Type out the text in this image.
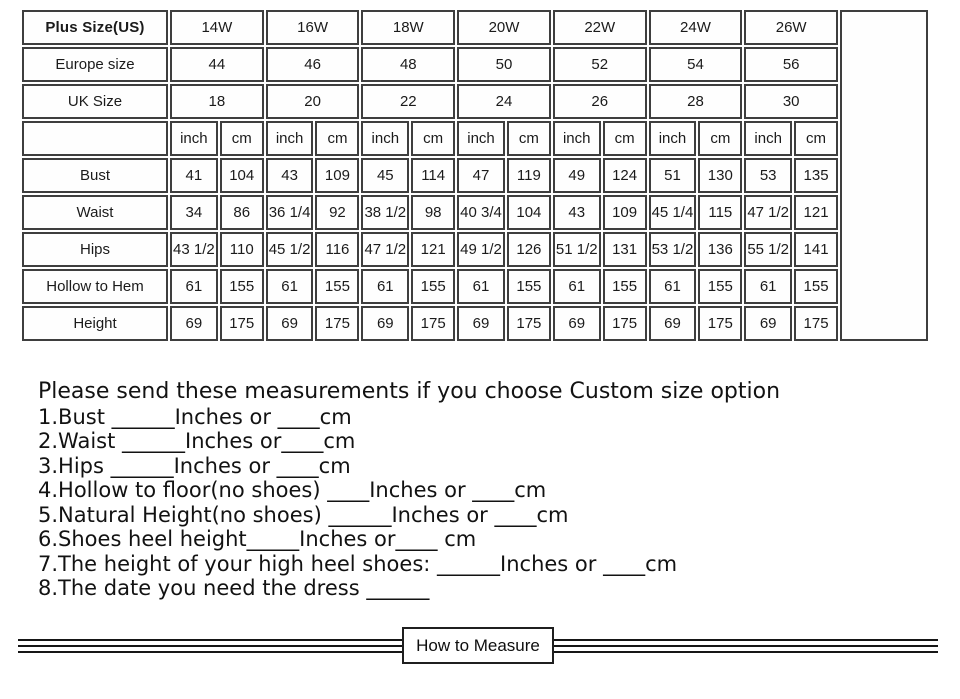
Plus Size(US)	14W		16W		18W		20W		22W		24W		26W		
Europe size	44		46		48		50		52		54		56		
UK Size	18		20		22		24		26		28		30		
	inch	cm	inch	cm	inch	cm	inch	cm	inch	cm	inch	cm	inch	cm	
Bust	41	104	43	109	45	114	47	119	49	124	51	130	53	135	
Waist	34	86	36 1/4	92	38 1/2	98	40 3/4	104	43	109	45 1/4	115	47 1/2	121	
Hips	43 1/2	110	45 1/2	116	47 1/2	121	49 1/2	126	51 1/2	131	53 1/2	136	55 1/2	141	
Hollow to Hem	61	155	61	155	61	155	61	155	61	155	61	155	61	155	
Height	69	175	69	175	69	175	69	175	69	175	69	175	69	175	
Please send these measurements if you choose Custom size option
1.Bust ______Inches or ____cm
2.Waist ______Inches or____cm
3.Hips ______Inches or ____cm
4.Hollow to floor(no shoes) ____Inches or ____cm
5.Natural Height(no shoes) ______Inches or ____cm
6.Shoes heel height_____Inches or____ cm
7.The height of your high heel shoes: ______Inches or ____cm
8.The date you need the dress ______
How to Measure
